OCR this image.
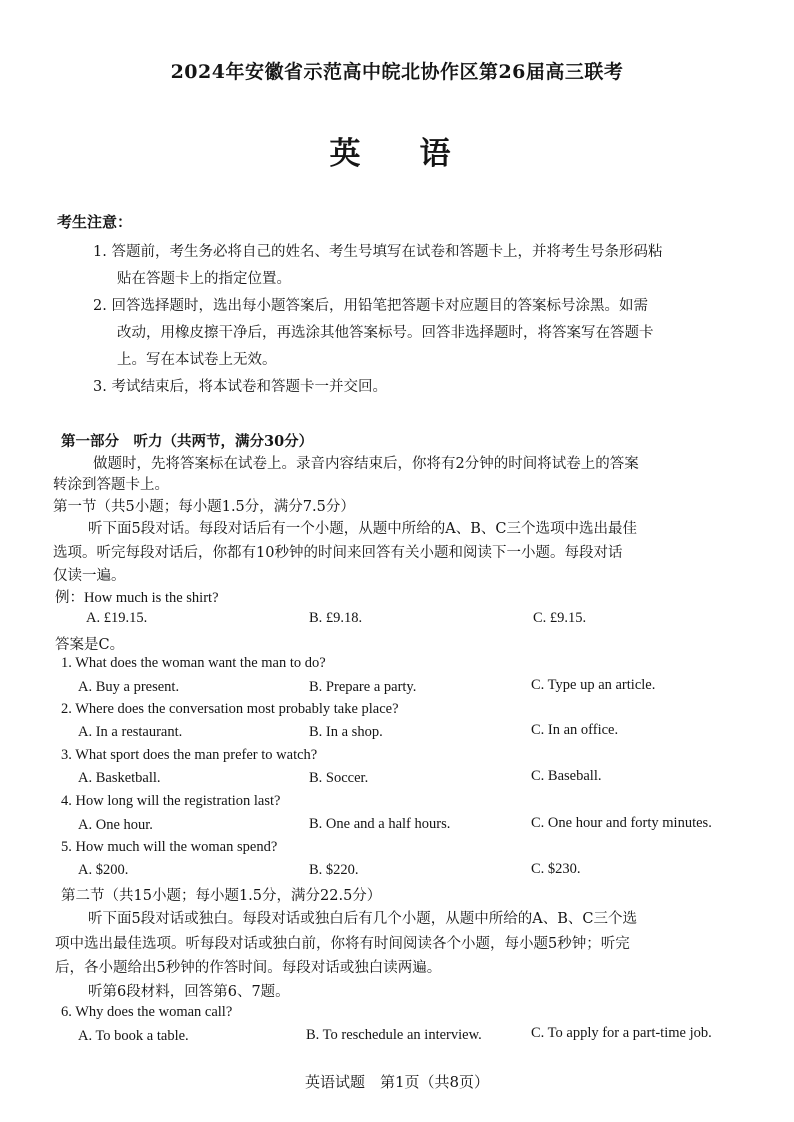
2024年安徽省示范高中皖北协作区第26届高三联考
英　语
考生注意：
1. 答题前，考生务必将自己的姓名、考生号填写在试卷和答题卡上，并将考生号条形码粘
贴在答题卡上的指定位置。
2. 回答选择题时，选出每小题答案后，用铅笔把答题卡对应题目的答案标号涂黑。如需
改动，用橡皮擦干净后，再选涂其他答案标号。回答非选择题时，将答案写在答题卡
上。写在本试卷上无效。
3. 考试结束后，将本试卷和答题卡一并交回。
第一部分　听力（共两节，满分30分）
做题时，先将答案标在试卷上。录音内容结束后，你将有2分钟的时间将试卷上的答案
转涂到答题卡上。
第一节（共5小题；每小题1.5分，满分7.5分）
听下面5段对话。每段对话后有一个小题，从题中所给的A、B、C三个选项中选出最佳
选项。听完每段对话后，你都有10秒钟的时间来回答有关小题和阅读下一小题。每段对话
仅读一遍。
例：How much is the shirt?
A. £19.15.	B. £9.18.	C. £9.15.
答案是C。
1. What does the woman want the man to do?
A. Buy a present.	B. Prepare a party.	C. Type up an article.
2. Where does the conversation most probably take place?
A. In a restaurant.	B. In a shop.	C. In an office.
3. What sport does the man prefer to watch?
A. Basketball.	B. Soccer.	C. Baseball.
4. How long will the registration last?
A. One hour.	B. One and a half hours.	C. One hour and forty minutes.
5. How much will the woman spend?
A. $200.	B. $220.	C. $230.
第二节（共15小题；每小题1.5分，满分22.5分）
听下面5段对话或独白。每段对话或独白后有几个小题，从题中所给的A、B、C三个选
项中选出最佳选项。听每段对话或独白前，你将有时间阅读各个小题，每小题5秒钟；听完
后，各小题给出5秒钟的作答时间。每段对话或独白读两遍。
听第6段材料，回答第6、7题。
6. Why does the woman call?
A. To book a table.	B. To reschedule an interview.	C. To apply for a part-time job.
英语试题　第1页（共8页）
